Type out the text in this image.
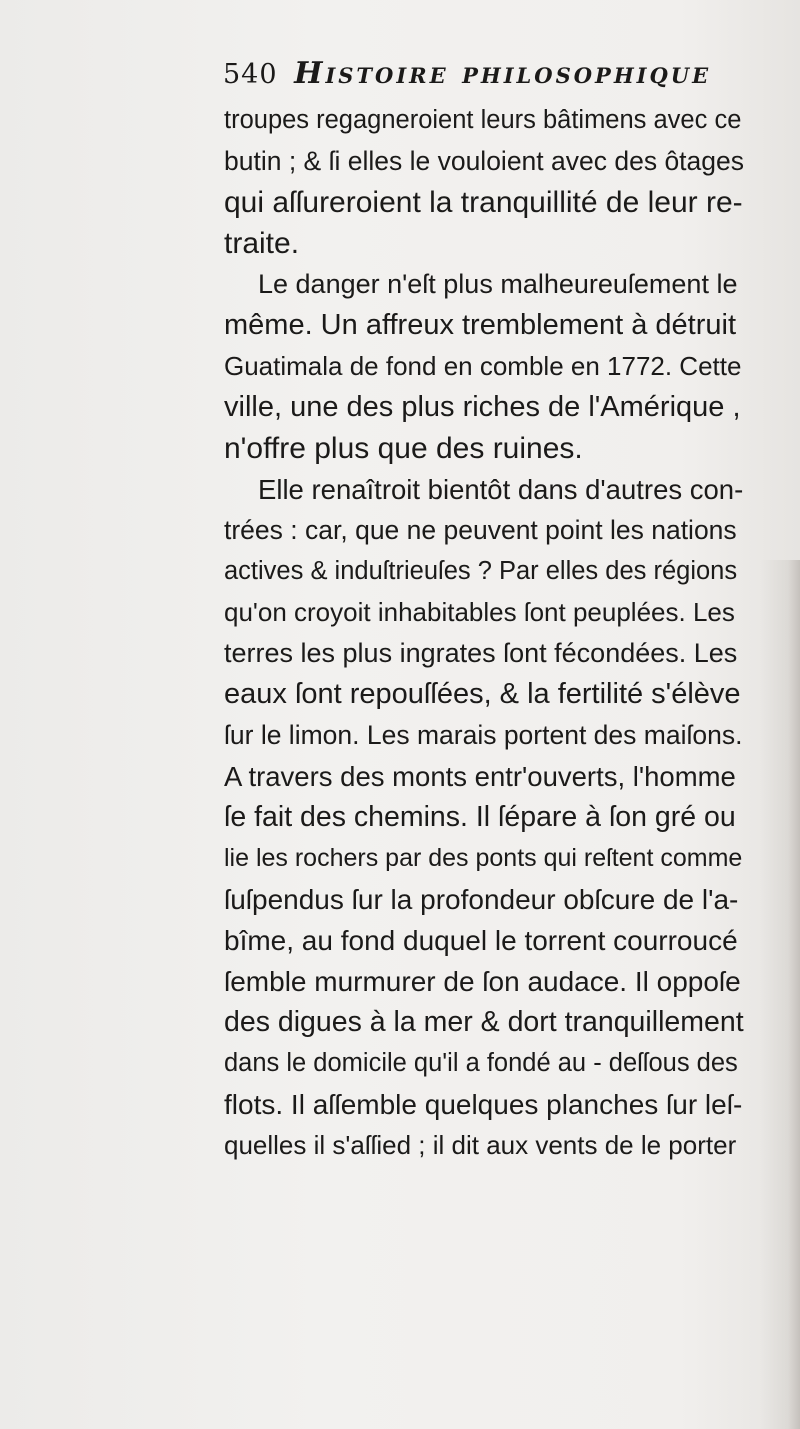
540 Histoire philosophique
troupes regagneroient leurs bâtimens avec ce
butin ; & ſi elles le vouloient avec des ôtages
qui aſſureroient la tranquillité de leur re-
traite.
Le danger n'eſt plus malheureuſement le
même. Un affreux tremblement à détruit
Guatimala de fond en comble en 1772. Cette
ville, une des plus riches de l'Amérique ,
n'offre plus que des ruines.
Elle renaîtroit bientôt dans d'autres con-
trées : car, que ne peuvent point les nations
actives & induſtrieuſes ? Par elles des régions
qu'on croyoit inhabitables ſont peuplées. Les
terres les plus ingrates ſont fécondées. Les
eaux ſont repouſſées, & la fertilité s'élève
ſur le limon. Les marais portent des maiſons.
A travers des monts entr'ouverts, l'homme
ſe fait des chemins. Il ſépare à ſon gré ou
lie les rochers par des ponts qui reſtent comme
ſuſpendus ſur la profondeur obſcure de l'a-
bîme, au fond duquel le torrent courroucé
ſemble murmurer de ſon audace. Il oppoſe
des digues à la mer & dort tranquillement
dans le domicile qu'il a fondé au - deſſous des
flots. Il aſſemble quelques planches ſur leſ-
quelles il s'aſſied ; il dit aux vents de le porter
